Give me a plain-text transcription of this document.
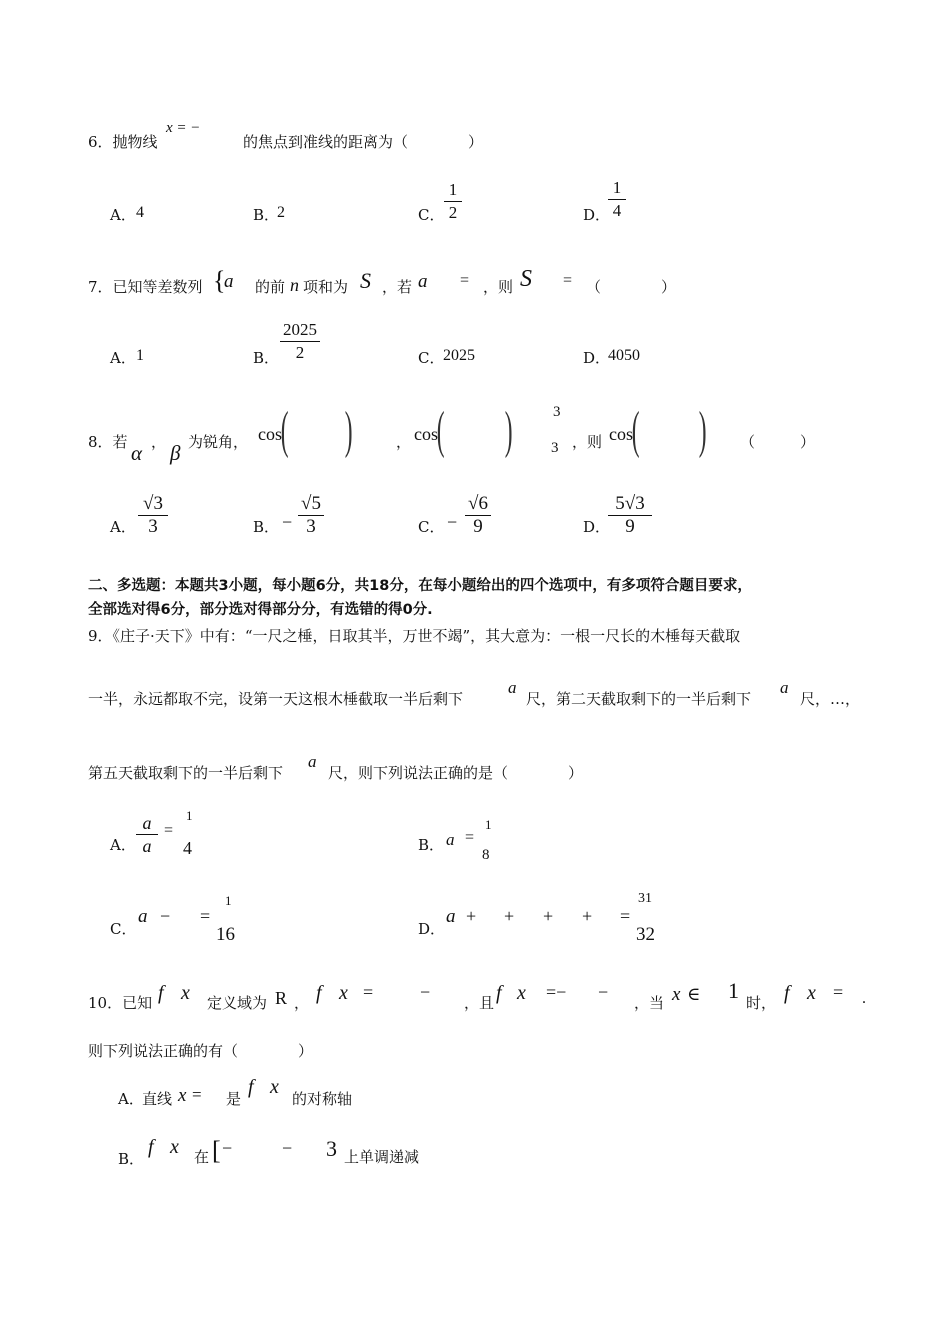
6．抛物线
x = −
的焦点到准线的距离为（　　　　）
A． 4	B．
2	C．
1
2	D．
1
4
7．已知等差数列 {
a 的前 n 项和为 S ，若 a = ，则 S = （　　　　）
A． 1	B．
2025
2	C．
2025	D．
4050
8．若 α ， β 为锐角， cos
( )	， cos
( )	3
3 ，则 cos
( ) （　　　）
A．
√3
3	B． −
√5
3	C． −
√6
9	D．
5√3
9
二、多选题：本题共3小题，每小题6分，共18分，在每小题给出的四个选项中，有多项符合题目要求，
全部选对得6分，部分选对得部分分，有选错的得0分.
9．《庄子·天下》中有：“一尺之棰，日取其半，万世不竭”，其大意为：一根一尺长的木棰每天截取
一半，永远都取不完，设第一天这根木棰截取一半后剩下
a
尺，第二天截取剩下的一半后剩下
a
尺，…，
第五天截取剩下的一半后剩下
a
尺，则下列说法正确的是（　　　　）
A．
a
a
=
1
4	B． a =
1
8
C．
a − =
1
16	D．
a + + + + =
31
32
10．已知 f x 定义域为 R ， f x =	−
，且 f x =− −
，当 x ∈ 1 时， f x = .
则下列说法正确的有（　　　　）
A．
直线 x = 是
f x
的对称轴
B．
f x 在 [ −	− 3 上单调递减
